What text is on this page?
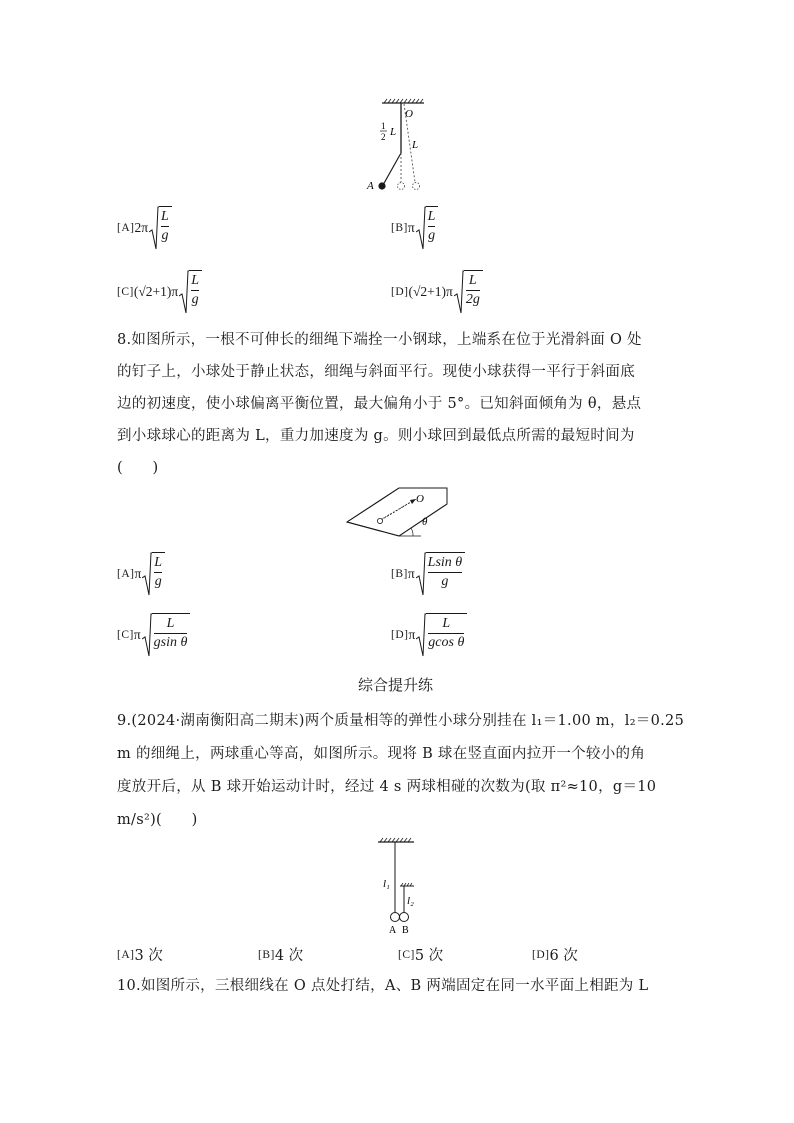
O
1
2 L
L
A
[A] $2\pi \frac{L}{g}$	[B] π $\frac{L}{g}$
[C] $(√2+1)\pi \frac{L}{g}$	[D] $(√2+1)\pi \frac{L}{2g}$
8.如图所示，一根不可伸长的细绳下端拴一小钢球，上端系在位于光滑斜面 O 处
的钉子上，小球处于静止状态，细绳与斜面平行。现使小球获得一平行于斜面底
边的初速度，使小球偏离平衡位置，最大偏角小于 5°。已知斜面倾角为 θ，悬点
到小球球心的距离为 L，重力加速度为 g。则小球回到最低点所需的最短时间为
(　　)
O
θ
[A] π $\frac{L}{g}$	[B] π $\frac{\text{Lsin θ}}{g}$
[C] π $\frac{L}{\text{gsin θ}}$	[D] π $\frac{L}{\text{gcos θ}}$
综合提升练
9.(2024·湖南衡阳高二期末)两个质量相等的弹性小球分别挂在 l₁＝1.00 m，l₂＝0.25
m 的细绳上，两球重心等高，如图所示。现将 B 球在竖直面内拉开一个较小的角
度放开后，从 B 球开始运动计时，经过 4 s 两球相碰的次数为(取 π²≈10，g＝10
m/s²)(　　)
l₁
l₂
A B
[A] 3 次	[B] 4 次	[C] 5 次	[D] 6 次
10.如图所示，三根细线在 O 点处打结，A、B 两端固定在同一水平面上相距为 L
